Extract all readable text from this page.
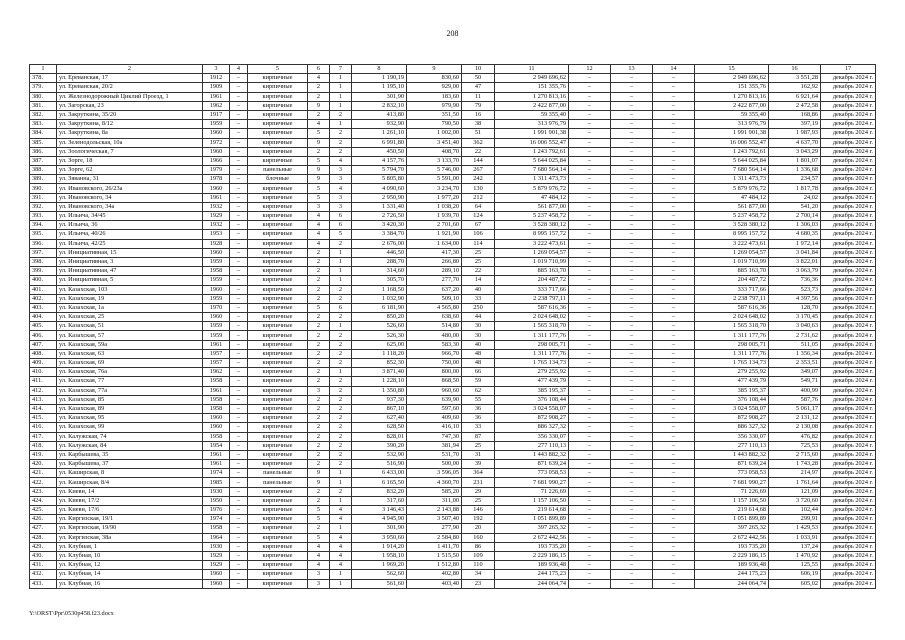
208
1	2	3	4	5	6	7	8	9	10	11	12	13	14	15	16	17
378.	ул. Ереванская, 17	1912	–	кирпичные	4	1	1 190,19	830,60	50	2 949 696,62	–	–	–	2 949 696,62	3 551,28	декабрь 2024 г.
379.	ул. Ереванская, 20/2	1909	–	кирпичные	2	1	1 195,10	929,00	47	151 355,76	–	–	–	151 355,76	162,92	декабрь 2024 г.
380.	ул. Железнодорожный Циклий Проезд, 1	1961	–	кирпичные	2	1	301,90	183,60	11	1 270 813,16	–	–	–	1 270 813,16	6 921,64	декабрь 2024 г.
381.	ул. Загорская, 23	1962	–	кирпичные	9	1	2 832,10	979,90	79	2 422 877,00	–	–	–	2 422 877,00	2 472,58	декабрь 2024 г.
382.	ул. Закруткина, 35/20	1917	–	кирпичные	2	2	413,80	351,50	16	59 355,40	–	–	–	59 355,40	168,86	декабрь 2024 г.
383.	ул. Закруткина, 8/12	1959	–	кирпичные	4	1	932,90	790,50	38	313 976,79	–	–	–	313 976,79	397,19	декабрь 2024 г.
384.	ул. Закруткина, 8а	1960	–	кирпичные	5	2	1 261,10	1 002,00	51	1 991 901,38	–	–	–	1 991 901,38	1 987,93	декабрь 2024 г.
385.	ул. Зеленодольская, 10а	1972	–	кирпичные	9	2	6 991,80	3 451,40	362	16 006 552,47	–	–	–	16 006 552,47	4 637,70	декабрь 2024 г.
386.	ул. Зоологическая, 7	1960	–	кирпичные	2	2	450,50	408,70	22	1 243 792,61	–	–	–	1 243 792,61	3 043,29	декабрь 2024 г.
387.	ул. Зорге, 18	1966	–	кирпичные	5	4	4 157,76	3 133,70	144	5 644 025,84	–	–	–	5 644 025,84	1 801,07	декабрь 2024 г.
388.	ул. Зорге, 62	1979	–	панельные	9	3	5 794,70	5 746,00	267	7 680 564,14	–	–	–	7 680 564,14	1 336,68	декабрь 2024 г.
389.	ул. Зяванна, 31	1978	–	блочные	9	3	5 805,80	5 591,00	242	1 311 473,73	–	–	–	1 311 473,73	234,57	декабрь 2024 г.
390.	ул. Ивановского, 26/23а	1960	–	кирпичные	5	4	4 090,60	3 234,70	130	5 879 976,72	–	–	–	5 879 976,72	1 817,78	декабрь 2024 г.
391.	ул. Ивановского, 34	1961	–	кирпичные	5	3	2 950,90	1 977,20	212	47 484,12	–	–	–	47 484,12	24,02	декабрь 2024 г.
392.	ул. Ивановского, 34а	1932	–	кирпичные	3	3	1 331,40	1 038,20	64	561 877,00	–	–	–	561 877,00	541,20	декабрь 2024 г.
393.	ул. Ильича, 34/45	1929	–	кирпичные	4	6	2 726,50	1 939,70	124	5 237 458,72	–	–	–	5 237 458,72	2 700,14	декабрь 2024 г.
394.	ул. Ильича, 36	1932	–	кирпичные	4	6	3 420,30	2 701,60	67	3 528 380,12	–	–	–	3 528 380,12	1 306,03	декабрь 2024 г.
395.	ул. Ильича, 40/26	1953	–	кирпичные	4	5	3 384,70	1 921,90	106	8 995 157,72	–	–	–	8 995 157,72	4 680,35	декабрь 2024 г.
396.	ул. Ильича, 42/25	1928	–	кирпичные	4	2	2 676,00	1 634,00	114	3 222 473,61	–	–	–	3 222 473,61	1 972,14	декабрь 2024 г.
397.	ул. Инициативная, 15	1960	–	кирпичные	2	1	446,50	417,30	25	1 269 054,57	–	–	–	1 269 054,57	3 041,84	декабрь 2024 г.
398.	ул. Инициативная, 3	1959	–	кирпичные	2	1	288,70	266,80	25	1 019 710,99	–	–	–	1 019 710,99	3 822,01	декабрь 2024 г.
399.	ул. Инициативная, 47	1958	–	кирпичные	2	1	314,60	289,10	22	885 163,70	–	–	–	885 163,70	3 063,79	декабрь 2024 г.
400.	ул. Инициативная, 5	1959	–	кирпичные	2	1	305,70	277,70	14	204 487,72	–	–	–	204 487,72	736,36	декабрь 2024 г.
401.	ул. Казахская, 103	1960	–	кирпичные	2	2	1 168,50	637,20	40	333 717,66	–	–	–	333 717,66	523,73	декабрь 2024 г.
402.	ул. Казахская, 19	1959	–	кирпичные	2	2	1 032,90	509,10	33	2 238 797,11	–	–	–	2 238 797,11	4 397,56	декабрь 2024 г.
403.	ул. Казахская, 1а	1970	–	кирпичные	5	6	6 181,90	4 565,80	250	587 616,36	–	–	–	587 616,36	128,70	декабрь 2024 г.
404.	ул. Казахская, 25	1960	–	кирпичные	2	2	850,20	638,60	44	2 024 648,02	–	–	–	2 024 648,02	3 170,45	декабрь 2024 г.
405.	ул. Казахская, 51	1959	–	кирпичные	2	1	526,60	514,80	30	1 565 318,70	–	–	–	1 565 318,70	3 040,63	декабрь 2024 г.
406.	ул. Казахская, 57	1959	–	кирпичные	2	2	526,30	480,00	30	1 311 177,76	–	–	–	1 311 177,76	2 731,62	декабрь 2024 г.
407.	ул. Казахская, 59а	1961	–	кирпичные	2	2	625,00	583,30	40	298 005,71	–	–	–	298 005,71	511,05	декабрь 2024 г.
408.	ул. Казахская, 63	1957	–	кирпичные	2	2	1 118,20	966,70	48	1 311 177,76	–	–	–	1 311 177,76	1 356,34	декабрь 2024 г.
409.	ул. Казахская, 69	1957	–	кирпичные	2	2	852,30	750,00	48	1 765 134,73	–	–	–	1 765 134,73	2 353,51	декабрь 2024 г.
410.	ул. Казахская, 76а	1962	–	кирпичные	2	1	3 871,40	800,00	66	279 255,92	–	–	–	279 255,92	349,07	декабрь 2024 г.
411.	ул. Казахская, 77	1958	–	кирпичные	2	2	1 228,10	868,50	59	477 439,79	–	–	–	477 439,79	549,71	декабрь 2024 г.
412.	ул. Казахская, 77а	1961	–	кирпичные	3	2	1 350,80	960,60	62	385 195,37	–	–	–	385 195,37	400,99	декабрь 2024 г.
413.	ул. Казахская, 85	1958	–	кирпичные	2	2	937,30	639,90	55	376 108,44	–	–	–	376 108,44	587,76	декабрь 2024 г.
414.	ул. Казахская, 89	1958	–	кирпичные	2	2	867,10	597,60	36	3 024 558,07	–	–	–	3 024 558,07	5 061,17	декабрь 2024 г.
415.	ул. Казахская, 95	1960	–	кирпичные	2	2	627,40	409,60	36	872 908,27	–	–	–	872 908,27	2 131,12	декабрь 2024 г.
416.	ул. Казахская, 99	1960	–	кирпичные	2	2	628,50	416,10	33	886 327,32	–	–	–	886 327,32	2 130,08	декабрь 2024 г.
417.	ул. Калужская, 74	1958	–	кирпичные	2	2	828,01	747,30	87	356 330,07	–	–	–	356 330,07	476,82	декабрь 2024 г.
418.	ул. Калужская, 84	1954	–	кирпичные	2	2	390,20	381,94	25	277 110,13	–	–	–	277 110,13	725,53	декабрь 2024 г.
419.	ул. Карбышева, 35	1961	–	кирпичные	2	2	532,90	531,70	31	1 443 882,32	–	–	–	1 443 882,32	2 715,60	декабрь 2024 г.
420.	ул. Карбышева, 37	1961	–	кирпичные	2	2	516,90	500,00	39	871 639,24	–	–	–	871 639,24	1 743,28	декабрь 2024 г.
421.	ул. Каширская, 8	1974	–	панельные	9	1	6 433,00	3 596,05	364	773 058,53	–	–	–	773 058,53	214,97	декабрь 2024 г.
422.	ул. Каширская, 8/4	1985	–	панельные	9	1	6 165,50	4 360,70	231	7 681 990,27	–	–	–	7 681 990,27	1 761,64	декабрь 2024 г.
423.	ул. Киевн, 14	1930	–	кирпичные	2	2	832,20	585,20	29	71 226,69	–	–	–	71 226,69	121,09	декабрь 2024 г.
424.	ул. Киевн, 17/2	1950	–	кирпичные	2	1	317,60	311,00	25	1 157 106,50	–	–	–	1 157 106,50	3 720,60	декабрь 2024 г.
425.	ул. Киевн, 17/6	1976	–	кирпичные	5	4	3 146,43	2 143,88	146	219 614,68	–	–	–	219 614,68	102,44	декабрь 2024 г.
426.	ул. Киргизская, 19/1	1974	–	кирпичные	5	4	4 945,90	3 507,40	192	1 051 899,89	–	–	–	1 051 899,89	299,91	декабрь 2024 г.
427.	ул. Киргизская, 19/90	1958	–	кирпичные	2	1	301,90	277,90	20	397 265,32	–	–	–	397 265,32	1 429,53	декабрь 2024 г.
428.	ул. Киргизская, 38а	1964	–	кирпичные	5	4	3 950,60	2 584,80	160	2 672 442,56	–	–	–	2 672 442,56	1 033,91	декабрь 2024 г.
429.	ул. Клубная, 1	1930	–	кирпичные	4	4	1 914,20	1 411,70	86	193 735,20	–	–	–	193 735,20	137,24	декабрь 2024 г.
430.	ул. Клубная, 10	1929	–	кирпичные	4	4	1 958,10	1 515,50	109	2 229 186,15	–	–	–	2 229 186,15	1 470,92	декабрь 2024 г.
431.	ул. Клубная, 12	1929	–	кирпичные	4	4	1 969,20	1 512,80	110	189 936,48	–	–	–	189 936,48	125,55	декабрь 2024 г.
432.	ул. Клубная, 14	1960	–	кирпичные	3	1	562,60	402,80	34	244 175,23	–	–	–	244 175,23	606,19	декабрь 2024 г.
433.	ул. Клубная, 16	1960	–	кирпичные	3	1	561,60	403,40	23	244 064,74	–	–	–	244 064,74	605,02	декабрь 2024 г.
Y:\ORST\Ppr\0530p458.f23.docx
